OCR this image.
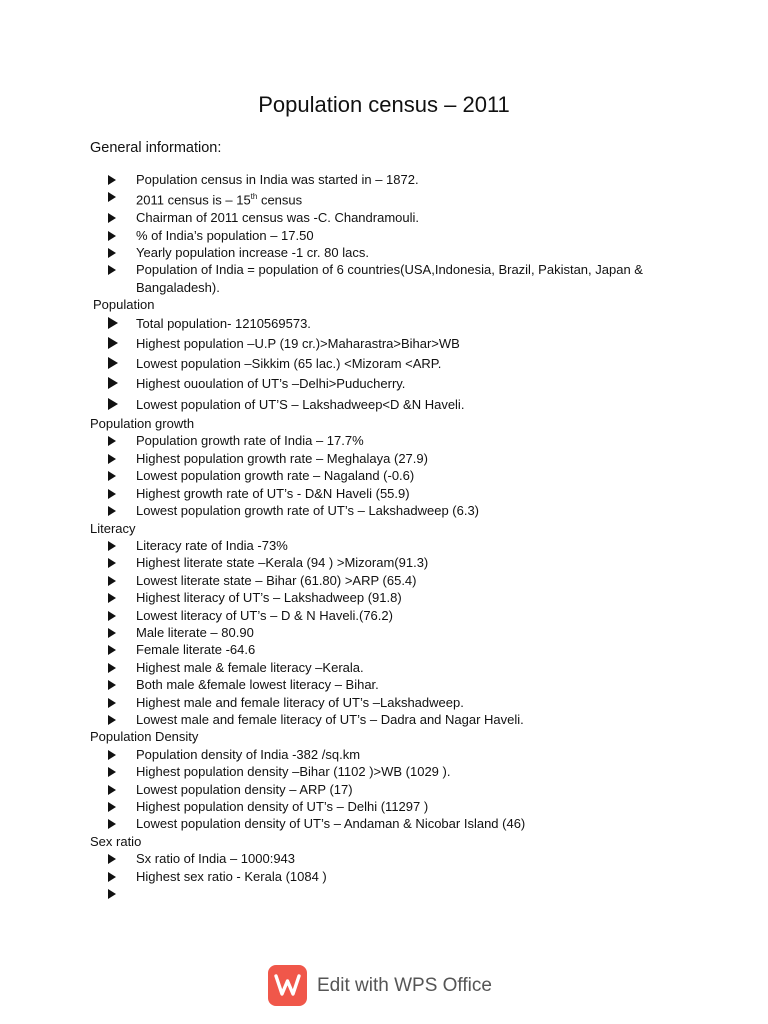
Population census – 2011
General information:
Population census in India was started in – 1872.
2011 census is – 15th census
Chairman of 2011 census was -C. Chandramouli.
% of India’s population – 17.50
Yearly population increase -1 cr. 80 lacs.
Population of India = population of 6 countries(USA,Indonesia, Brazil, Pakistan, Japan & Bangaladesh).
Population
Total population- 1210569573.
Highest population –U.P (19 cr.)>Maharastra>Bihar>WB
Lowest population –Sikkim (65 lac.) <Mizoram <ARP.
Highest ououlation of UT’s –Delhi>Puducherry.
Lowest population of UT’S – Lakshadweep<D &N Haveli.
Population growth
Population growth rate of India – 17.7%
Highest population growth rate – Meghalaya (27.9)
Lowest population growth rate – Nagaland (-0.6)
Highest growth rate of UT’s - D&N Haveli (55.9)
Lowest population growth rate of UT’s – Lakshadweep (6.3)
Literacy
Literacy rate of India -73%
Highest literate state –Kerala (94 ) >Mizoram(91.3)
Lowest literate state – Bihar (61.80) >ARP (65.4)
Highest literacy of UT’s – Lakshadweep (91.8)
Lowest literacy of UT’s – D & N Haveli.(76.2)
Male literate – 80.90
Female literate -64.6
Highest male & female literacy –Kerala.
Both male &female lowest literacy – Bihar.
Highest male and female literacy of UT’s –Lakshadweep.
Lowest male and female literacy of UT’s – Dadra and Nagar Haveli.
Population Density
Population density of India -382 /sq.km
Highest population density –Bihar (1102 )>WB (1029 ).
Lowest population density – ARP (17)
Highest population density of UT’s – Delhi (11297 )
Lowest population density of UT’s – Andaman & Nicobar Island (46)
Sex ratio
Sx ratio of India – 1000:943
Highest sex ratio - Kerala (1084 )
Edit with WPS Office
